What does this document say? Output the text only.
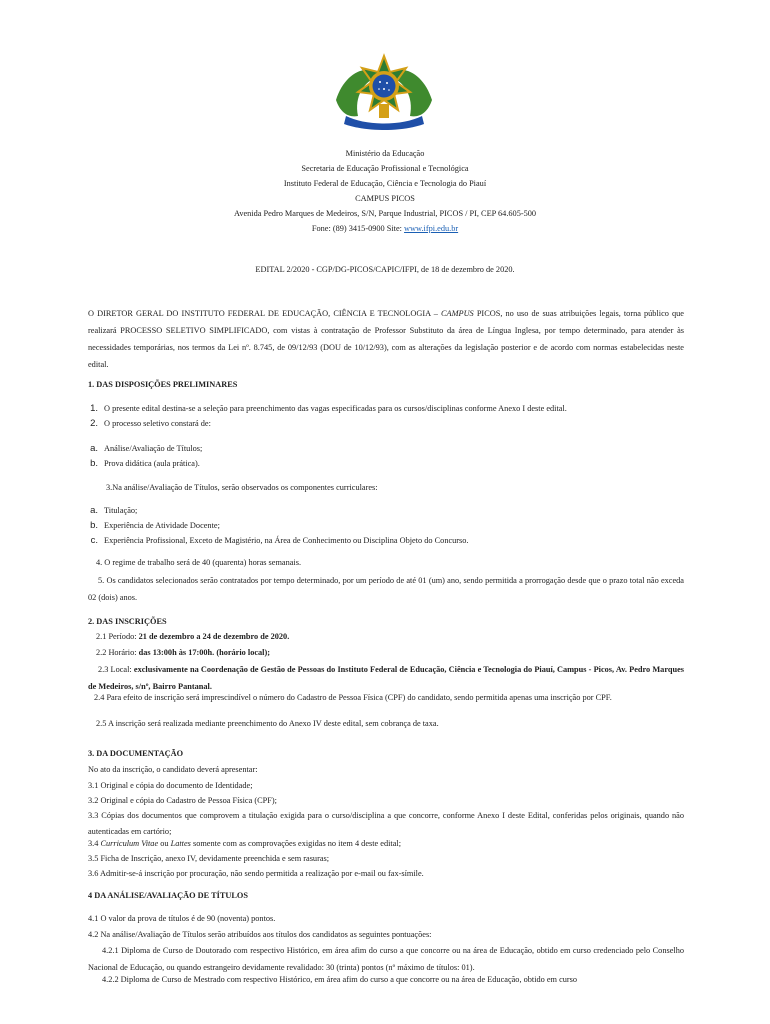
Ministério da Educação
Secretaria de Educação Profissional e Tecnológica
Instituto Federal de Educação, Ciência e Tecnologia do Piauí
CAMPUS PICOS
Avenida Pedro Marques de Medeiros, S/N, Parque Industrial, PICOS / PI, CEP 64.605-500
Fone: (89) 3415-0900 Site: www.ifpi.edu.br
EDITAL 2/2020 - CGP/DG-PICOS/CAPIC/IFPI, de 18 de dezembro de 2020.
O DIRETOR GERAL DO INSTITUTO FEDERAL DE EDUCAÇÃO, CIÊNCIA E TECNOLOGIA – CAMPUS PICOS, no uso de suas atribuições legais, torna público que realizará PROCESSO SELETIVO SIMPLIFICADO, com vistas à contratação de Professor Substituto da área de Língua Inglesa, por tempo determinado, para atender às necessidades temporárias, nos termos da Lei nº. 8.745, de 09/12/93 (DOU de 10/12/93), com as alterações da legislação posterior e de acordo com normas estabelecidas neste edital.
1. DAS DISPOSIÇÕES PRELIMINARES
1. O presente edital destina-se a seleção para preenchimento das vagas especificadas para os cursos/disciplinas conforme Anexo I deste edital.
2. O processo seletivo constará de:
a. Análise/Avaliação de Títulos;
b. Prova didática (aula prática).
3.Na análise/Avaliação de Títulos, serão observados os componentes curriculares:
a. Titulação;
b. Experiência de Atividade Docente;
c. Experiência Profissional, Exceto de Magistério, na Área de Conhecimento ou Disciplina Objeto do Concurso.
4. O regime de trabalho será de 40 (quarenta) horas semanais.
5. Os candidatos selecionados serão contratados por tempo determinado, por um período de até 01 (um) ano, sendo permitida a prorrogação desde que o prazo total não exceda 02 (dois) anos.
2. DAS INSCRIÇÕES
2.1 Período: 21 de dezembro a 24 de dezembro de 2020.
2.2 Horário: das 13:00h às 17:00h. (horário local);
2.3 Local: exclusivamente na Coordenação de Gestão de Pessoas do Instituto Federal de Educação, Ciência e Tecnologia do Piauí, Campus - Picos, Av. Pedro Marques de Medeiros, s/nº, Bairro Pantanal.
2.4 Para efeito de inscrição será imprescindível o número do Cadastro de Pessoa Física (CPF) do candidato, sendo permitida apenas uma inscrição por CPF.
2.5 A inscrição será realizada mediante preenchimento do Anexo IV deste edital, sem cobrança de taxa.
3. DA DOCUMENTAÇÃO
No ato da inscrição, o candidato deverá apresentar:
3.1 Original e cópia do documento de Identidade;
3.2 Original e cópia do Cadastro de Pessoa Física (CPF);
3.3 Cópias dos documentos que comprovem a titulação exigida para o curso/disciplina a que concorre, conforme Anexo I deste Edital, conferidas pelos originais, quando não autenticadas em cartório;
3.4 Curriculum Vitae ou Lattes somente com as comprovações exigidas no item 4 deste edital;
3.5 Ficha de Inscrição, anexo IV, devidamente preenchida e sem rasuras;
3.6 Admitir-se-á inscrição por procuração, não sendo permitida a realização por e-mail ou fax-símile.
4 DA ANÁLISE/AVALIAÇÃO DE TÍTULOS
4.1 O valor da prova de títulos é de 90 (noventa) pontos.
4.2 Na análise/Avaliação de Títulos serão atribuídos aos títulos dos candidatos as seguintes pontuações:
4.2.1 Diploma de Curso de Doutorado com respectivo Histórico, em área afim do curso a que concorre ou na área de Educação, obtido em curso credenciado pelo Conselho Nacional de Educação, ou quando estrangeiro devidamente revalidado: 30 (trinta) pontos (nº máximo de títulos: 01).
4.2.2 Diploma de Curso de Mestrado com respectivo Histórico, em área afim do curso a que concorre ou na área de Educação, obtido em curso
